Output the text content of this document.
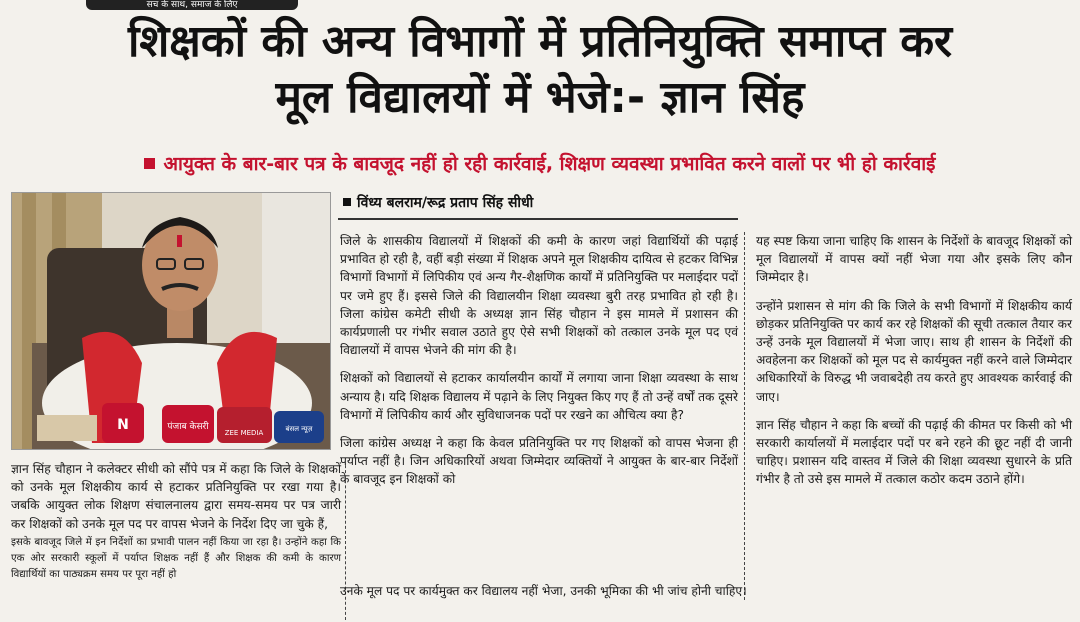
सच के साथ, समाज के लिए
शिक्षकों की अन्य विभागों में प्रतिनियुक्ति समाप्त कर
मूल विद्यालयों में भेजे:- ज्ञान सिंह
आयुक्त के बार-बार पत्र के बावजूद नहीं हो रही कार्रवाई, शिक्षण व्यवस्था प्रभावित करने वालों पर भी हो कार्रवाई
N	पंजाब केसरी
ZEE MEDIA	बंसल न्यूज़
विंध्य बलराम/रूद्र प्रताप सिंह सीधी

जिले के शासकीय विद्यालयों में शिक्षकों की कमी के कारण जहां विद्यार्थियों की पढ़ाई प्रभावित हो रही है, वहीं बड़ी संख्या में शिक्षक अपने मूल शिक्षकीय दायित्व से हटकर विभिन्न विभागों विभागों में लिपिकीय एवं अन्य गैर-शैक्षणिक कार्यों में प्रतिनियुक्ति पर मलाईदार पदों पर जमे हुए हैं। इससे जिले की विद्यालयीन शिक्षा व्यवस्था बुरी तरह प्रभावित हो रही है। जिला कांग्रेस कमेटी सीधी के अध्यक्ष ज्ञान सिंह चौहान ने इस मामले में प्रशासन की कार्यप्रणाली पर गंभीर सवाल उठाते हुए ऐसे सभी शिक्षकों को तत्काल उनके मूल पद एवं विद्यालयों में वापस भेजने की मांग की है।

शिक्षकों को विद्यालयों से हटाकर कार्यालयीन कार्यों में लगाया जाना शिक्षा व्यवस्था के साथ अन्याय है। यदि शिक्षक विद्यालय में पढ़ाने के लिए नियुक्त किए गए हैं तो उन्हें वर्षों तक दूसरे विभागों में लिपिकीय कार्य और सुविधाजनक पदों पर रखने का औचित्य क्या है?

जिला कांग्रेस अध्यक्ष ने कहा कि केवल प्रतिनियुक्ति पर गए शिक्षकों को वापस भेजना ही पर्याप्त नहीं है। जिन अधिकारियों अथवा जिम्मेदार व्यक्तियों ने आयुक्त के बार-बार निर्देशों के बावजूद इन शिक्षकों को

यह स्पष्ट किया जाना चाहिए कि शासन के निर्देशों के बावजूद शिक्षकों को मूल विद्यालयों में वापस क्यों नहीं भेजा गया और इसके लिए कौन जिम्मेदार है।

उन्होंने प्रशासन से मांग की कि जिले के सभी विभागों में शिक्षकीय कार्य छोड़कर प्रतिनियुक्ति पर कार्य कर रहे शिक्षकों की सूची तत्काल तैयार कर उन्हें उनके मूल विद्यालयों में भेजा जाए। साथ ही शासन के निर्देशों की अवहेलना कर शिक्षकों को मूल पद से कार्यमुक्त नहीं करने वाले जिम्मेदार अधिकारियों के विरुद्ध भी जवाबदेही तय करते हुए आवश्यक कार्रवाई की जाए।

ज्ञान सिंह चौहान ने कहा कि बच्चों की पढ़ाई की कीमत पर किसी को भी सरकारी कार्यालयों में मलाईदार पदों पर बने रहने की छूट नहीं दी जानी चाहिए। प्रशासन यदि वास्तव में जिले की शिक्षा व्यवस्था सुधारने के प्रति गंभीर है तो उसे इस मामले में तत्काल कठोर कदम उठाने होंगे।

ज्ञान सिंह चौहान ने कलेक्टर सीधी को सौंपे पत्र में कहा कि जिले के शिक्षकों को उनके मूल शिक्षकीय कार्य से हटाकर प्रतिनियुक्ति पर रखा गया है। जबकि आयुक्त लोक शिक्षण संचालनालय द्वारा समय-समय पर पत्र जारी कर शिक्षकों को उनके मूल पद पर वापस भेजने के निर्देश दिए जा चुके हैं,

इसके बावजूद जिले में इन निर्देशों का प्रभावी पालन नहीं किया जा रहा है। उन्होंने कहा कि एक ओर सरकारी स्कूलों में पर्याप्त शिक्षक नहीं हैं और शिक्षक की कमी के कारण विद्यार्थियों का पाठ्यक्रम समय पर पूरा नहीं हो

उनके मूल पद पर कार्यमुक्त कर विद्यालय नहीं भेजा, उनकी भूमिका की भी जांच होनी चाहिए।
